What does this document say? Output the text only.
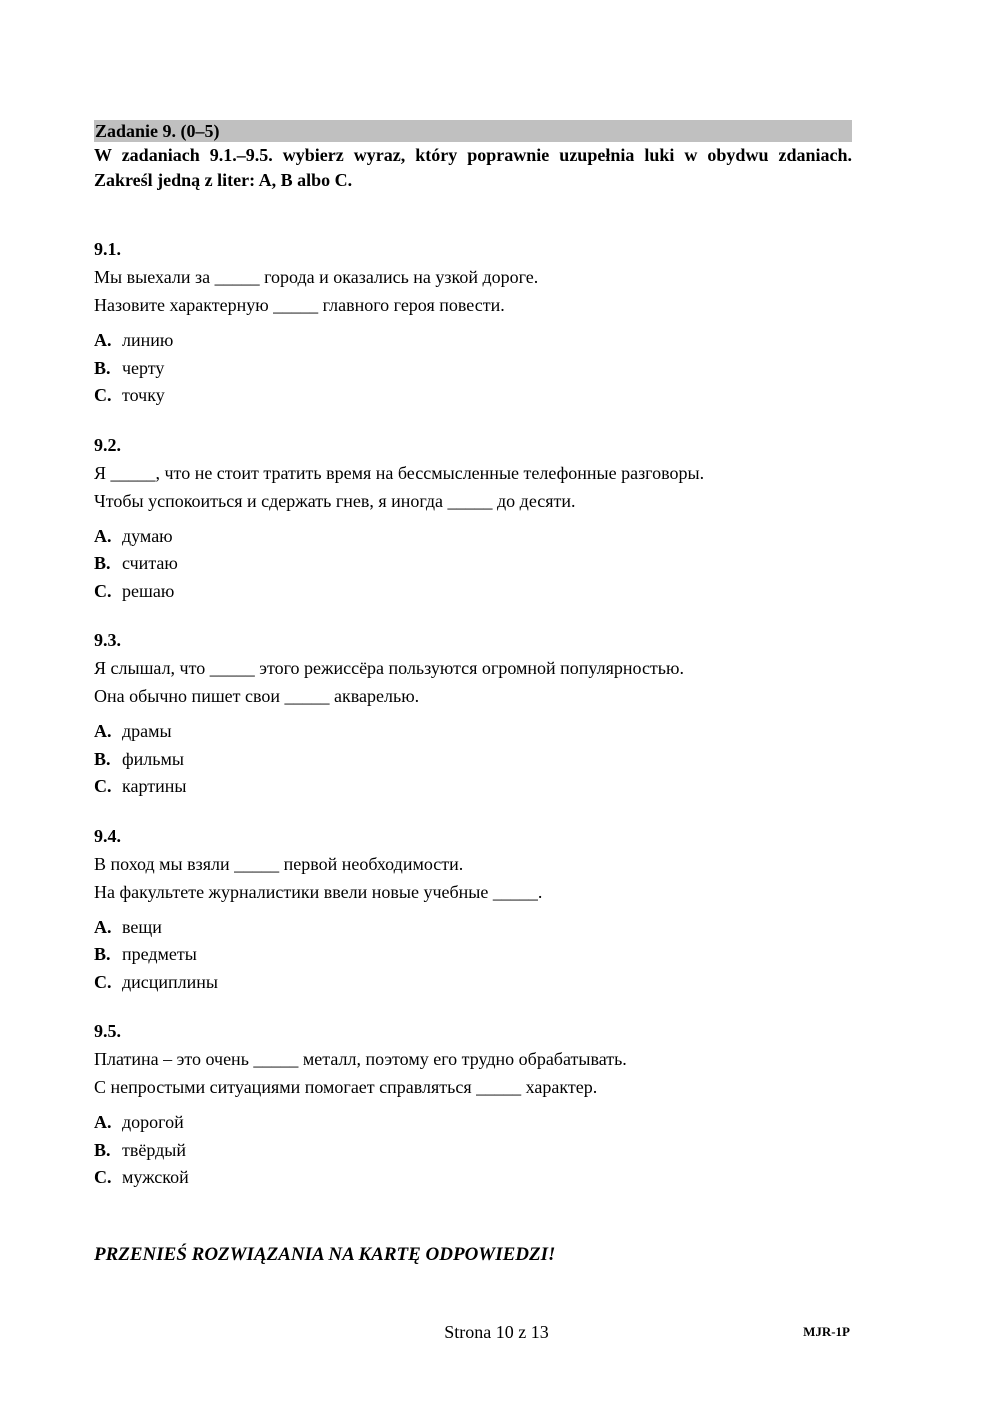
Zadanie 9. (0–5)
W zadaniach 9.1.–9.5. wybierz wyraz, który poprawnie uzupełnia luki w obydwu zdaniach. Zakreśl jedną z liter: A, B albo C.
9.1.
Мы выехали за _____ города и оказались на узкой дороге.
Назовите характерную _____ главного героя повести.
A. линию
B. черту
C. точку
9.2.
Я _____, что не стоит тратить время на бессмысленные телефонные разговоры.
Чтобы успокоиться и сдержать гнев, я иногда _____ до десяти.
A. думаю
B. считаю
C. решаю
9.3.
Я слышал, что _____ этого режиссёра пользуются огромной популярностью.
Она обычно пишет свои _____ акварелью.
A. драмы
B. фильмы
C. картины
9.4.
В поход мы взяли _____ первой необходимости.
На факультете журналистики ввели новые учебные _____.
A. вещи
B. предметы
C. дисциплины
9.5.
Платина – это очень _____ металл, поэтому его трудно обрабатывать.
С непростыми ситуациями помогает справляться _____ характер.
A. дорогой
B. твёрдый
C. мужской
PRZENIEŚ ROZWIĄZANIA NA KARTĘ ODPOWIEDZI!
Strona 10 z 13	MJR-1P
